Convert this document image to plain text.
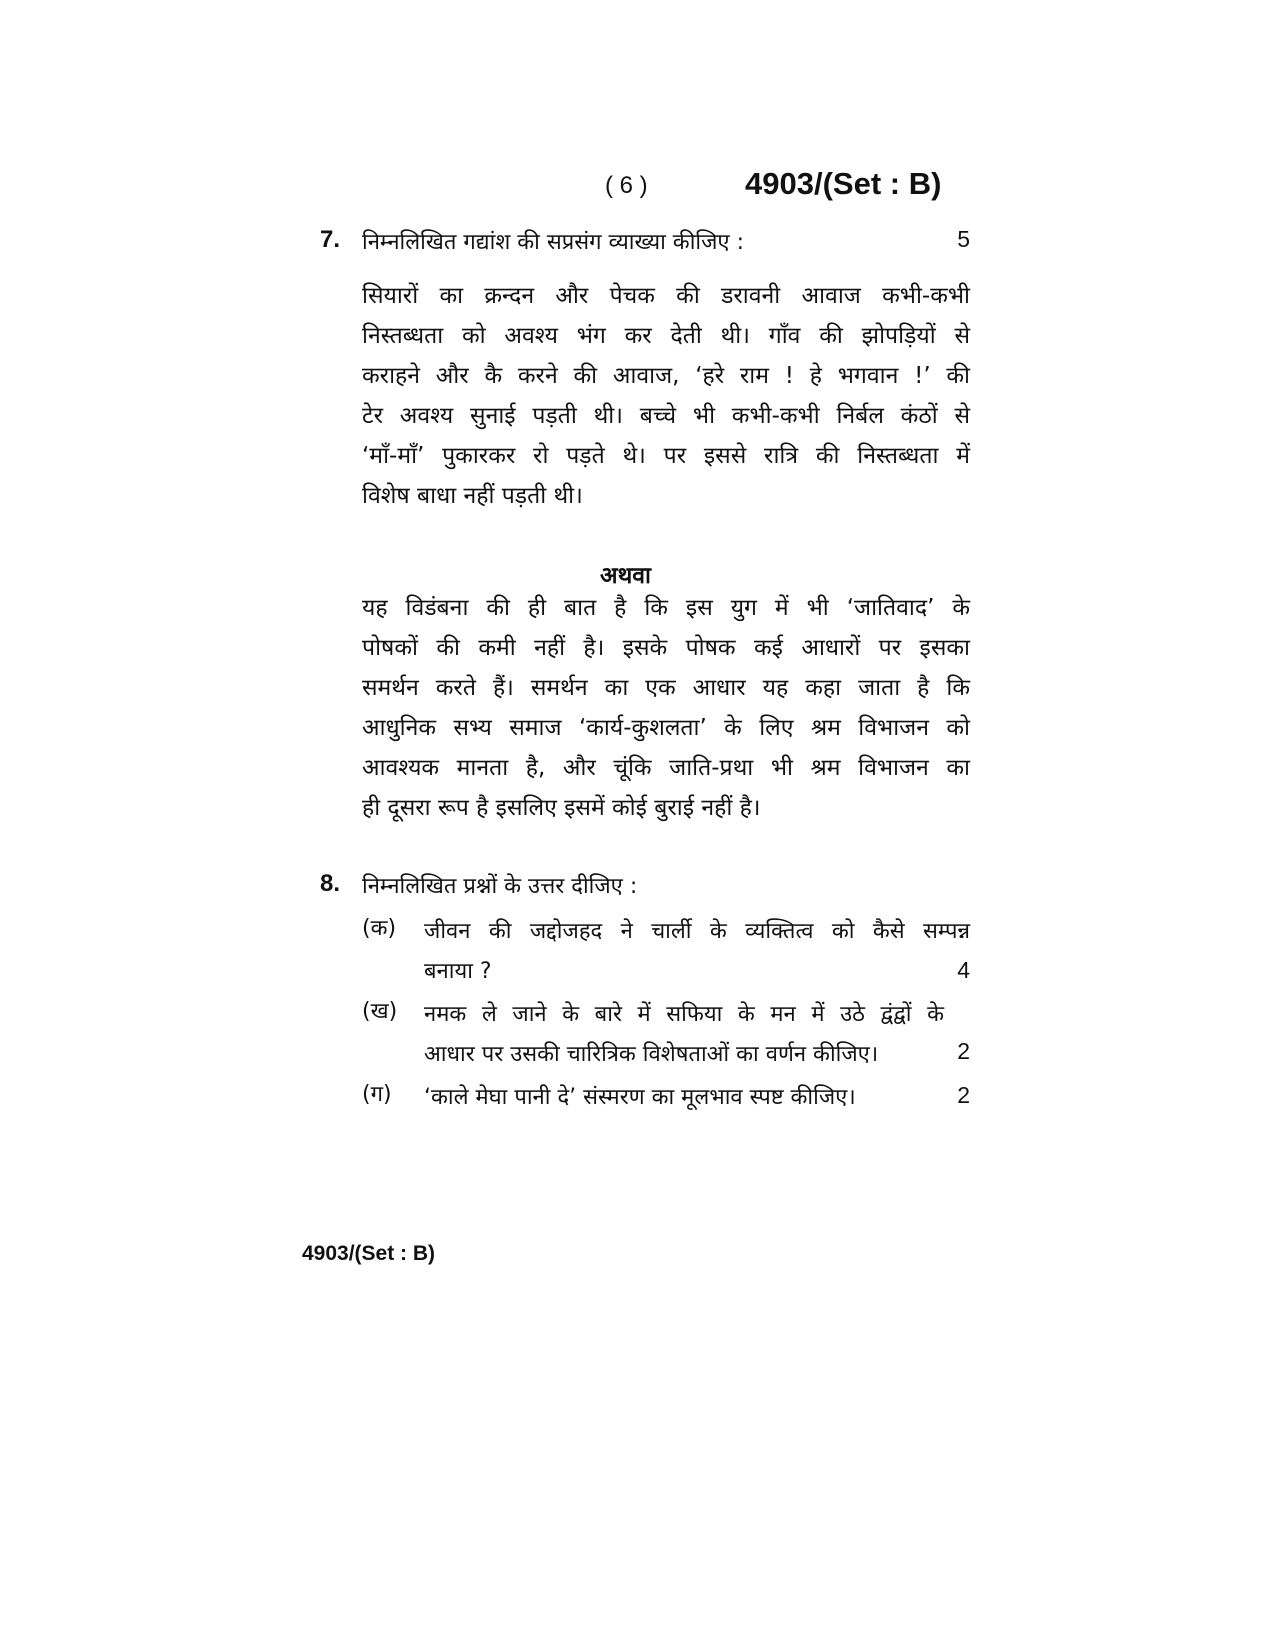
( 6 )	4903/(Set : B)
7. निम्नलिखित गद्यांश की सप्रसंग व्याख्या कीजिए :	5
सियारों का क्रन्दन और पेचक की डरावनी आवाज कभी-कभी
निस्तब्धता को अवश्य भंग कर देती थी। गाँव की झोपड़ियों से
कराहने और कै करने की आवाज, ‘हरे राम ! हे भगवान !’ की
टेर अवश्य सुनाई पड़ती थी। बच्चे भी कभी-कभी निर्बल कंठों से
‘माँ-माँ’ पुकारकर रो पड़ते थे। पर इससे रात्रि की निस्तब्धता में
विशेष बाधा नहीं पड़ती थी।
अथवा
यह विडंबना की ही बात है कि इस युग में भी ‘जातिवाद’ के
पोषकों की कमी नहीं है। इसके पोषक कई आधारों पर इसका
समर्थन करते हैं। समर्थन का एक आधार यह कहा जाता है कि
आधुनिक सभ्य समाज ‘कार्य-कुशलता’ के लिए श्रम विभाजन को
आवश्यक मानता है, और चूंकि जाति-प्रथा भी श्रम विभाजन का
ही दूसरा रूप है इसलिए इसमें कोई बुराई नहीं है।
8. निम्नलिखित प्रश्नों के उत्तर दीजिए :
(क) जीवन की जद्दोजहद ने चार्ली के व्यक्तित्व को कैसे सम्पन्न
बनाया ?	4
(ख) नमक ले जाने के बारे में सफिया के मन में उठे द्वंद्वों के
आधार पर उसकी चारित्रिक विशेषताओं का वर्णन कीजिए।	2
(ग) ‘काले मेघा पानी दे’ संस्मरण का मूलभाव स्पष्ट कीजिए।	2
4903/(Set : B)
